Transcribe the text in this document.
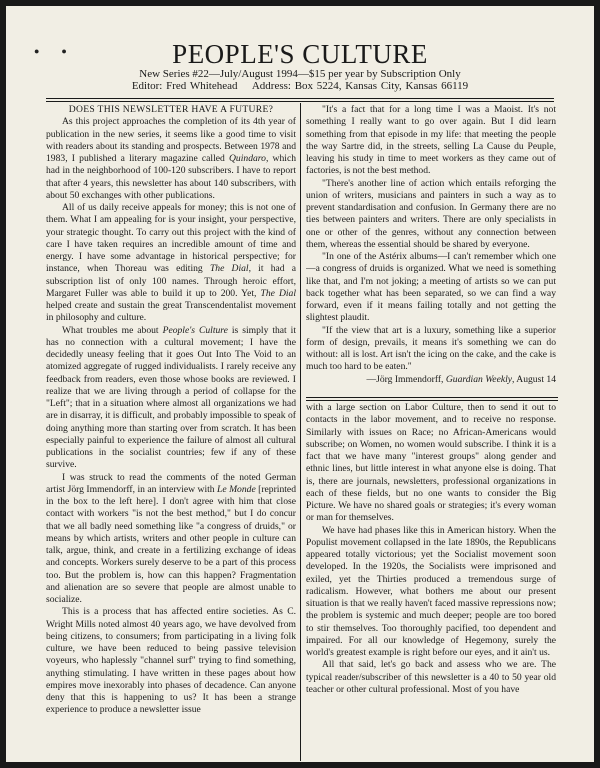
●●	PEOPLE'S CULTURE

New Series #22—July/August 1994—$15 per year by Subscription Only

Editor: Fred Whitehead    Address: Box 5224, Kansas City, Kansas 66119

DOES THIS NEWSLETTER HAVE A FUTURE?

As this project approaches the completion of its 4th year of publication in the new series, it seems like a good time to visit with readers about its standing and prospects. Between 1978 and 1983, I published a literary magazine called Quindaro, which had in the neighborhood of 100-120 subscribers. I have to report that after 4 years, this newsletter has about 140 subscribers, with about 50 exchanges with other publications.

All of us daily receive appeals for money; this is not one of them. What I am appealing for is your insight, your perspective, your strategic thought. To carry out this project with the kind of care I have taken requires an incredible amount of time and energy. I have some advantage in historical perspective; for instance, when Thoreau was editing The Dial, it had a subscription list of only 100 names. Through heroic effort, Margaret Fuller was able to build it up to 200. Yet, The Dial helped create and sustain the great Transcendentalist movement in philosophy and culture.

What troubles me about People's Culture is simply that it has no connection with a cultural movement; I have the decidedly uneasy feeling that it goes Out Into The Void to an atomized aggregate of rugged individualists. I rarely receive any feedback from readers, even those whose books are reviewed. I realize that we are living through a period of collapse for the "Left"; that in a situation where almost all organizations we had are in disarray, it is difficult, and probably impossible to speak of doing anything more than starting over from scratch. It has been especially painful to experience the failure of almost all cultural publications in the socialist countries; few if any of these survive.

I was struck to read the comments of the noted German artist Jörg Immendorff, in an interview with Le Monde [reprinted in the box to the left here]. I don't agree with him that close contact with workers "is not the best method," but I do concur that we all badly need something like "a congress of druids," or means by which artists, writers and other people in culture can talk, argue, think, and create in a fertilizing exchange of ideas and concepts. Workers surely deserve to be a part of this process too. But the problem is, how can this happen? Fragmentation and alienation are so severe that people are almost unable to socialize.

This is a process that has affected entire societies. As C. Wright Mills noted almost 40 years ago, we have devolved from being citizens, to consumers; from participating in a living folk culture, we have been reduced to being passive television voyeurs, who haplessly "channel surf" trying to find something, anything stimulating. I have written in these pages about how empires move inexorably into phases of decadence. Can anyone deny that this is happening to us? It has been a strange experience to produce a newsletter issue

"It's a fact that for a long time I was a Maoist. It's not something I really want to go over again. But I did learn something from that episode in my life: that meeting the people the way Sartre did, in the streets, selling La Cause du Peuple, leaving his study in time to meet workers as they came out of factories, is not the best method.

"There's another line of action which entails reforging the union of writers, musicians and painters in such a way as to prevent standardisation and confusion. In Germany there are no ties between painters and writers. There are only specialists in one or other of the genres, without any connection between them, whereas the essential should be shared by everyone.

"In one of the Astérix albums—I can't remember which one—a congress of druids is organized. What we need is something like that, and I'm not joking; a meeting of artists so we can put back together what has been separated, so we can find a way forward, even if it means failing totally and not getting the slightest plaudit.

"If the view that art is a luxury, something like a superior form of design, prevails, it means it's something we can do without: all is lost. Art isn't the icing on the cake, and the cake is much too hard to be eaten."

—Jörg Immendorff, Guardian Weekly, August 14

with a large section on Labor Culture, then to send it out to contacts in the labor movement, and to receive no response. Similarly with issues on Race; no African-Americans would subscribe; on Women, no women would subscribe. I think it is a fact that we have many "interest groups" along gender and ethnic lines, but little interest in what anyone else is doing. That is, there are journals, newsletters, professional organizations in each of these fields, but no one wants to consider the Big Picture. We have no shared goals or strategies; it's every woman or man for themselves.

We have had phases like this in American history. When the Populist movement collapsed in the late 1890s, the Republicans appeared totally victorious; yet the Socialist movement soon developed. In the 1920s, the Socialists were imprisoned and exiled, yet the Thirties produced a tremendous surge of radicalism. However, what bothers me about our present situation is that we really haven't faced massive repressions now; the problem is systemic and much deeper; people are too bored to stir themselves. Too thoroughly pacified, too dependent and impaired. For all our knowledge of Hegemony, surely the world's greatest example is right before our eyes, and it ain't us.

All that said, let's go back and assess who we are. The typical reader/subscriber of this newsletter is a 40 to 50 year old teacher or other cultural professional. Most of you have
